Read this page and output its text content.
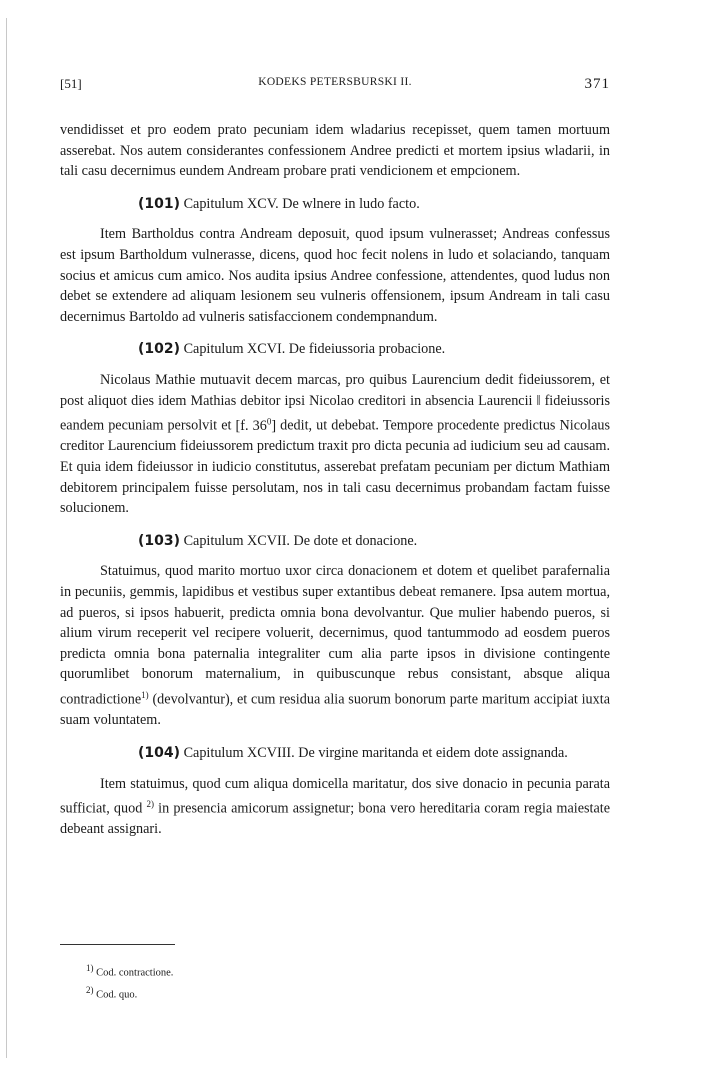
[51]	KODEKS PETERSBURSKI II.	371

vendidisset et pro eodem prato pecuniam idem wladarius recepisset, quem tamen mortuum asserebat. Nos autem considerantes confessionem Andree predicti et mortem ipsius wladarii, in tali casu decernimus eundem Andream probare prati vendicionem et empcionem.

(101) Capitulum XCV. De wlnere in ludo facto.

Item Bartholdus contra Andream deposuit, quod ipsum vulnerasset; Andreas confessus est ipsum Bartholdum vulnerasse, dicens, quod hoc fecit nolens in ludo et solaciando, tanquam socius et amicus cum amico. Nos audita ipsius Andree confessione, attendentes, quod ludus non debet se extendere ad aliquam lesionem seu vulneris offensionem, ipsum Andream in tali casu decernimus Bartoldo ad vulneris satisfaccionem condempnandum.

(102) Capitulum XCVI. De fideiussoria probacione.

Nicolaus Mathie mutuavit decem marcas, pro quibus Laurencium dedit fideiussorem, et post aliquot dies idem Mathias debitor ipsi Nicolao creditori in absencia Laurencii ‖ fideiussoris eandem pecuniam persolvit et [f. $36^0$] dedit, ut debebat. Tempore procedente predictus Nicolaus creditor Laurencium fideiussorem predictum traxit pro dicta pecunia ad iudicium seu ad causam. Et quia idem fideiussor in iudicio constitutus, asserebat prefatam pecuniam per dictum Mathiam debitorem principalem fuisse persolutam, nos in tali casu decernimus probandam factam fuisse solucionem.

(103) Capitulum XCVII. De dote et donacione.

Statuimus, quod marito mortuo uxor circa donacionem et dotem et quelibet parafernalia in pecuniis, gemmis, lapidibus et vestibus super extantibus debeat remanere. Ipsa autem mortua, ad pueros, si ipsos habuerit, predicta omnia bona devolvantur. Que mulier habendo pueros, si alium virum receperit vel recipere voluerit, decernimus, quod tantummodo ad eosdem pueros predicta omnia bona paternalia integraliter cum alia parte ipsos in divisione contingente quorumlibet bonorum maternalium, in quibuscunque rebus consistant, absque aliqua contradictione$^{1)}$ (devolvantur), et cum residua alia suorum bonorum parte maritum accipiat iuxta suam voluntatem.

(104) Capitulum XCVIII. De virgine maritanda et eidem dote assignanda.

Item statuimus, quod cum aliqua domicella maritatur, dos sive donacio in pecunia parata sufficiat, quod $^{2)}$ in presencia amicorum assignetur; bona vero hereditaria coram regia maiestate debeant assignari.

$^{1)}$ Cod. contractione.
$^{2)}$ Cod. quo.
